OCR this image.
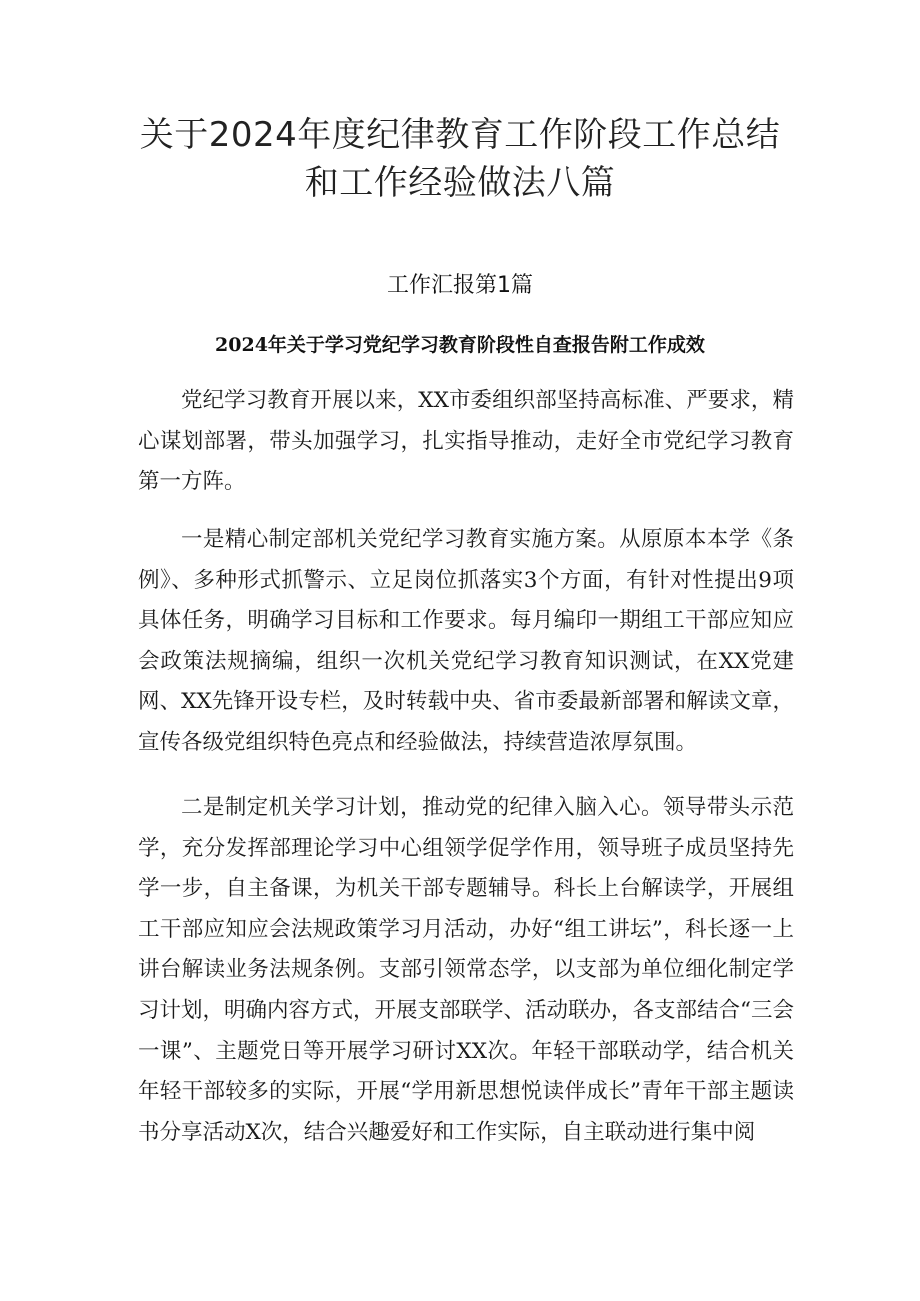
关于2024年度纪律教育工作阶段工作总结
和工作经验做法八篇
工作汇报第1篇
2024年关于学习党纪学习教育阶段性自查报告附工作成效

党纪学习教育开展以来，XX市委组织部坚持高标准、严要求，精心谋划部署，带头加强学习，扎实指导推动，走好全市党纪学习教育第一方阵。

一是精心制定部机关党纪学习教育实施方案。从原原本本学《条例》、多种形式抓警示、立足岗位抓落实3个方面，有针对性提出9项具体任务，明确学习目标和工作要求。每月编印一期组工干部应知应会政策法规摘编，组织一次机关党纪学习教育知识测试，在XX党建网、XX先锋开设专栏，及时转载中央、省市委最新部署和解读文章，宣传各级党组织特色亮点和经验做法，持续营造浓厚氛围。

二是制定机关学习计划，推动党的纪律入脑入心。领导带头示范学，充分发挥部理论学习中心组领学促学作用，领导班子成员坚持先学一步，自主备课，为机关干部专题辅导。科长上台解读学，开展组工干部应知应会法规政策学习月活动，办好“组工讲坛”，科长逐一上讲台解读业务法规条例。支部引领常态学，以支部为单位细化制定学习计划，明确内容方式，开展支部联学、活动联办，各支部结合“三会一课”、主题党日等开展学习研讨XX次。年轻干部联动学，结合机关年轻干部较多的实际，开展“学用新思想悦读伴成长”青年干部主题读书分享活动X次，结合兴趣爱好和工作实际，自主联动进行集中阅
